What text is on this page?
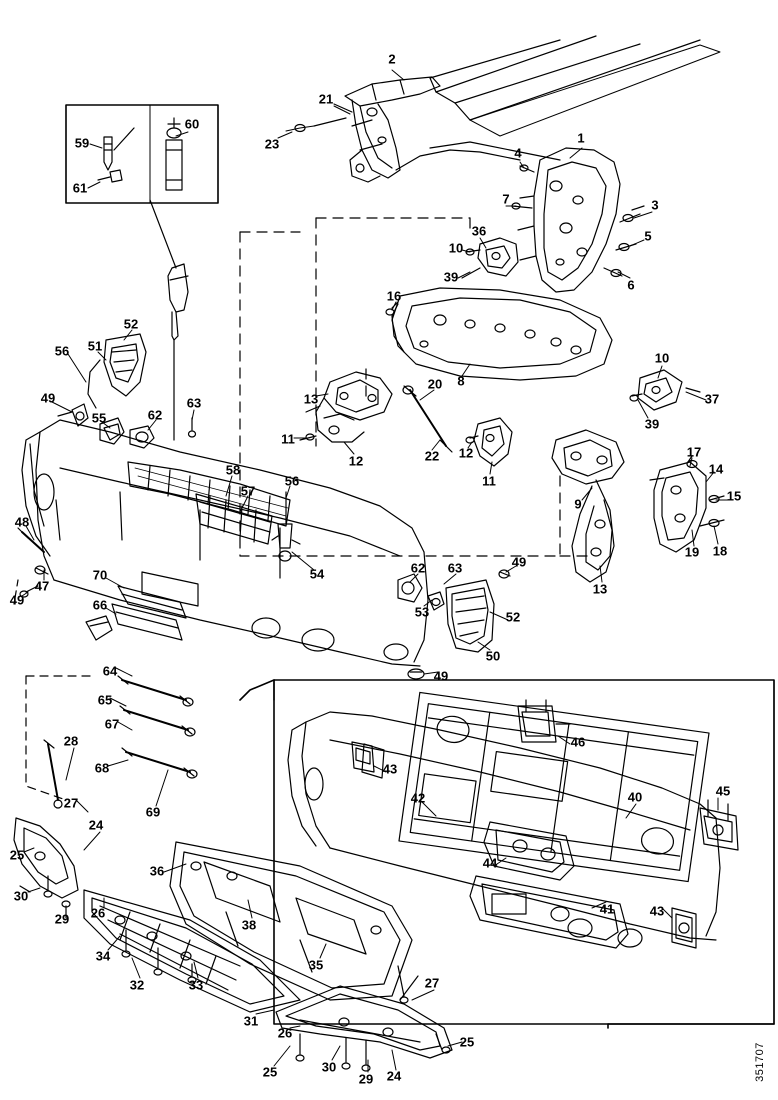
2
21
23	1
4
7	3
5
6
36
10
39
16
10
37
39
8
20
13
11
12	22 12
11
9
17
14
15
19 18
13
59
60
61
52
51
56
49
55	62
63
58
57
56
48
47
49
54	62 63	49
53	52
50
49
70
66
64
65
67
68
69
28
27
24
25
30
29 26
34
32	33
36
38
35
31
26
25	30
29 24
27
25
43
42
46
40	45
44
41	43
351707
